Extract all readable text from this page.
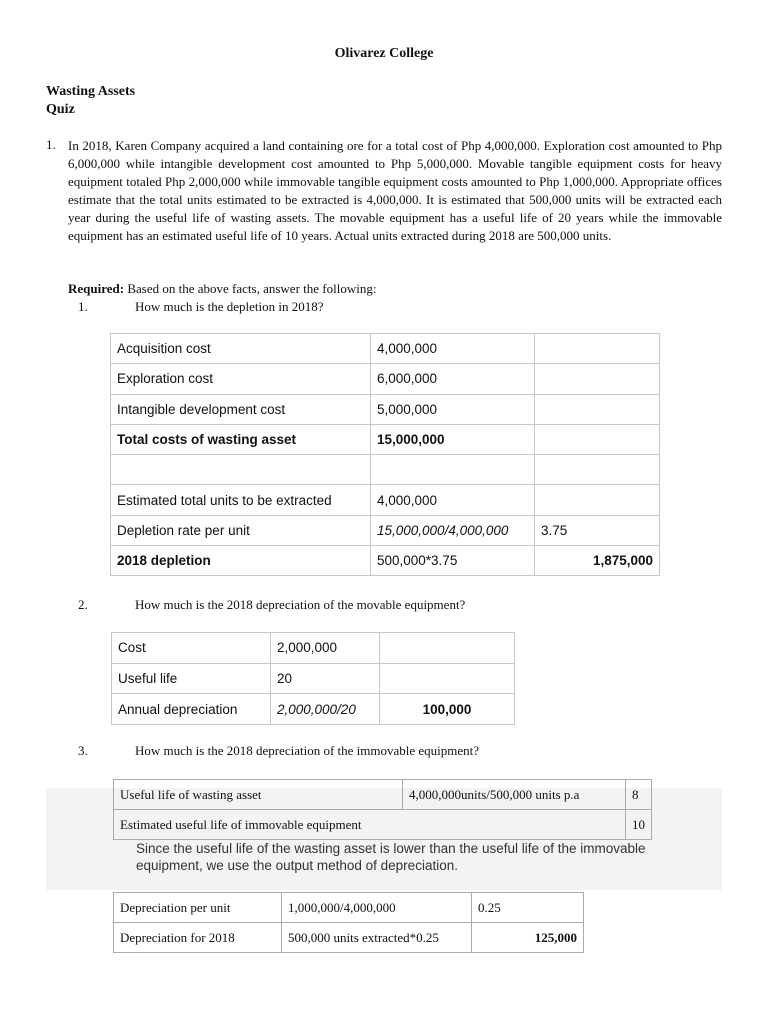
Olivarez College
Wasting Assets
Quiz
1. In 2018, Karen Company acquired a land containing ore for a total cost of Php 4,000,000. Exploration cost amounted to Php 6,000,000 while intangible development cost amounted to Php 5,000,000. Movable tangible equipment costs for heavy equipment totaled Php 2,000,000 while immovable tangible equipment costs amounted to Php 1,000,000. Appropriate offices estimate that the total units estimated to be extracted is 4,000,000. It is estimated that 500,000 units will be extracted each year during the useful life of wasting assets. The movable equipment has a useful life of 20 years while the immovable equipment has an estimated useful life of 10 years. Actual units extracted during 2018 are 500,000 units.
Required: Based on the above facts, answer the following:
1.	How much is the depletion in 2018?
Acquisition cost	4,000,000	
Exploration cost	6,000,000	
Intangible development cost	5,000,000	
Total costs of wasting asset	15,000,000	

Estimated total units to be extracted	4,000,000	
Depletion rate per unit	15,000,000/4,000,000	3.75
2018 depletion	500,000*3.75	1,875,000
2.	How much is the 2018 depreciation of the movable equipment?
Cost	2,000,000	
Useful life	20	
Annual depreciation	2,000,000/20	100,000
3.	How much is the 2018 depreciation of the immovable equipment?
Useful life of wasting asset	4,000,000units/500,000 units p.a	8
Estimated useful life of immovable equipment		10
Since the useful life of the wasting asset is lower than the useful life of the immovable equipment, we use the output method of depreciation.
Depreciation per unit	1,000,000/4,000,000	0.25
Depreciation for 2018	500,000 units extracted*0.25	125,000
